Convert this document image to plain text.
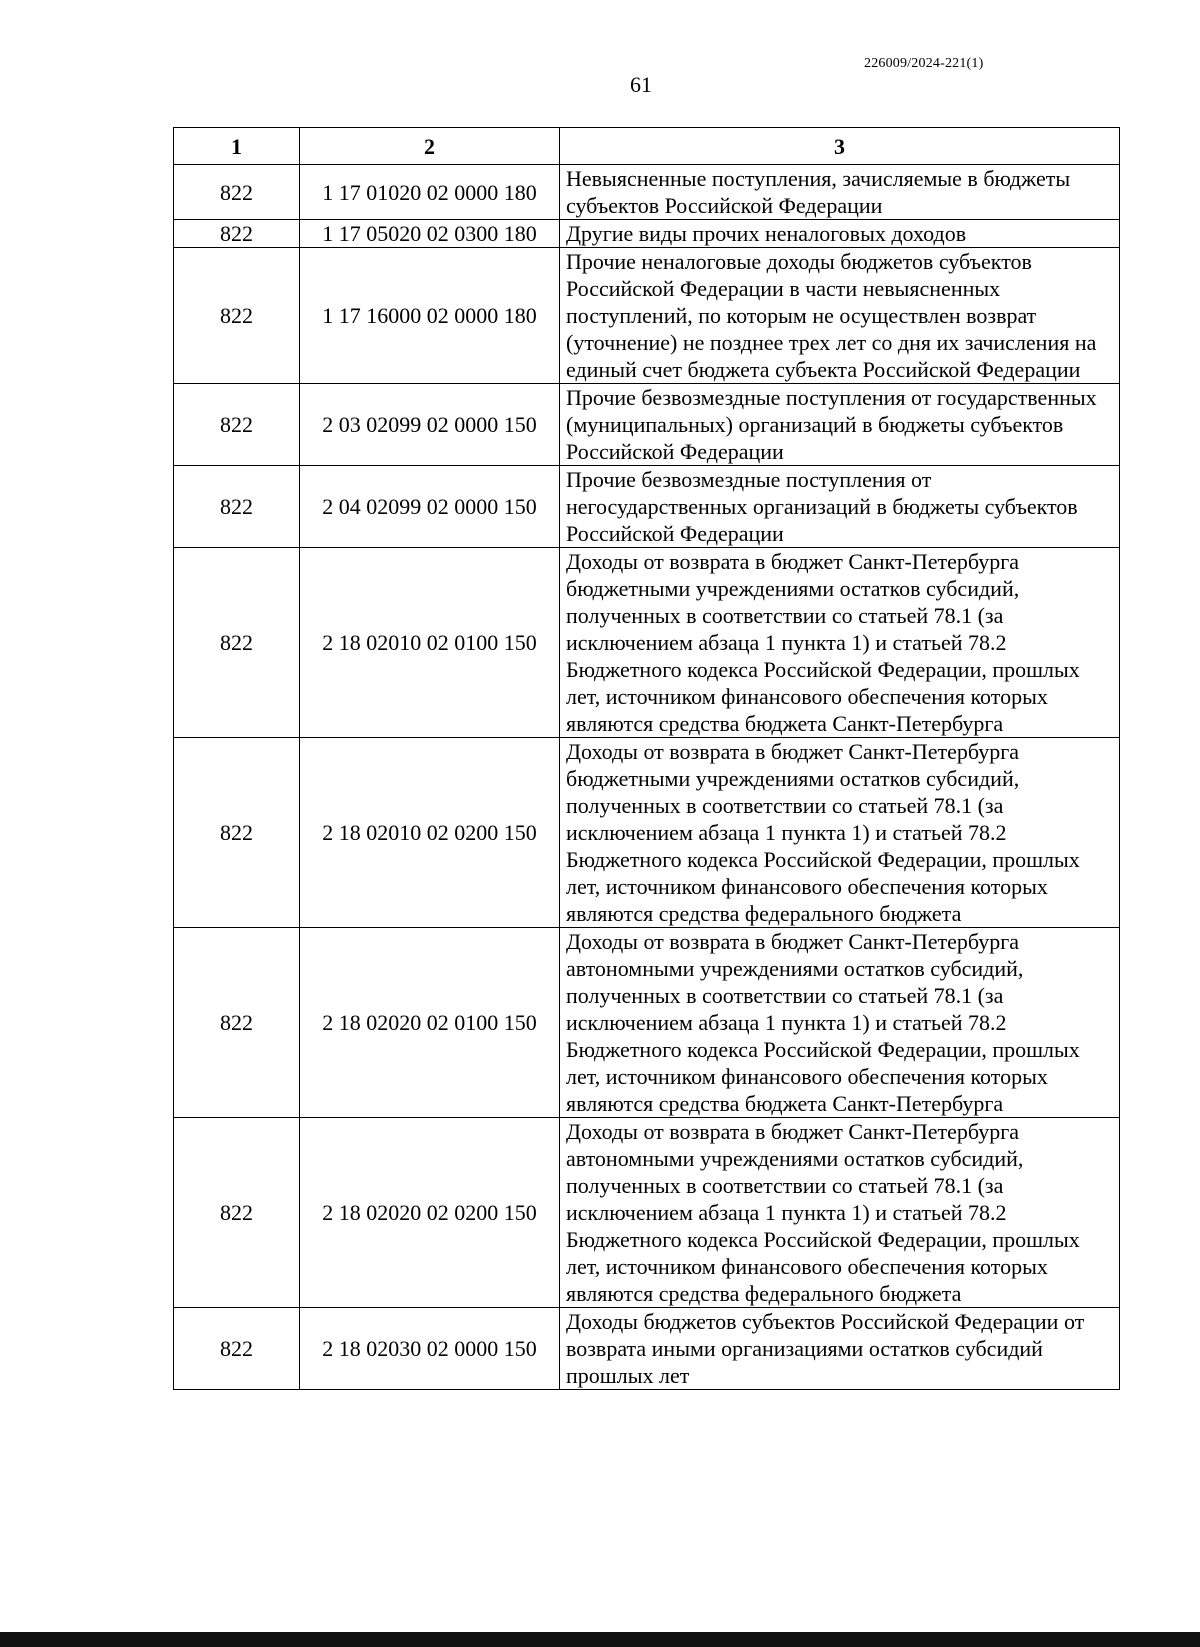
226009/2024-221(1)
61
1	2	3
822	1 17 01020 02 0000 180	Невыясненные поступления, зачисляемые в бюджеты субъектов Российской Федерации
822	1 17 05020 02 0300 180	Другие виды прочих неналоговых доходов
822	1 17 16000 02 0000 180	Прочие неналоговые доходы бюджетов субъектов Российской Федерации в части невыясненных поступлений, по которым не осуществлен возврат (уточнение) не позднее трех лет со дня их зачисления на единый счет бюджета субъекта Российской Федерации
822	2 03 02099 02 0000 150	Прочие безвозмездные поступления от государственных (муниципальных) организаций в бюджеты субъектов Российской Федерации
822	2 04 02099 02 0000 150	Прочие безвозмездные поступления от негосударственных организаций в бюджеты субъектов Российской Федерации
822	2 18 02010 02 0100 150	Доходы от возврата в бюджет Санкт-Петербурга бюджетными учреждениями остатков субсидий, полученных в соответствии со статьей 78.1 (за исключением абзаца 1 пункта 1) и статьей 78.2 Бюджетного кодекса Российской Федерации, прошлых лет, источником финансового обеспечения которых являются средства бюджета Санкт-Петербурга
822	2 18 02010 02 0200 150	Доходы от возврата в бюджет Санкт-Петербурга бюджетными учреждениями остатков субсидий, полученных в соответствии со статьей 78.1 (за исключением абзаца 1 пункта 1) и статьей 78.2 Бюджетного кодекса Российской Федерации, прошлых лет, источником финансового обеспечения которых являются средства федерального бюджета
822	2 18 02020 02 0100 150	Доходы от возврата в бюджет Санкт-Петербурга автономными учреждениями остатков субсидий, полученных в соответствии со статьей 78.1 (за исключением абзаца 1 пункта 1) и статьей 78.2 Бюджетного кодекса Российской Федерации, прошлых лет, источником финансового обеспечения которых являются средства бюджета Санкт-Петербурга
822	2 18 02020 02 0200 150	Доходы от возврата в бюджет Санкт-Петербурга автономными учреждениями остатков субсидий, полученных в соответствии со статьей 78.1 (за исключением абзаца 1 пункта 1) и статьей 78.2 Бюджетного кодекса Российской Федерации, прошлых лет, источником финансового обеспечения которых являются средства федерального бюджета
822	2 18 02030 02 0000 150	Доходы бюджетов субъектов Российской Федерации от возврата иными организациями остатков субсидий прошлых лет
